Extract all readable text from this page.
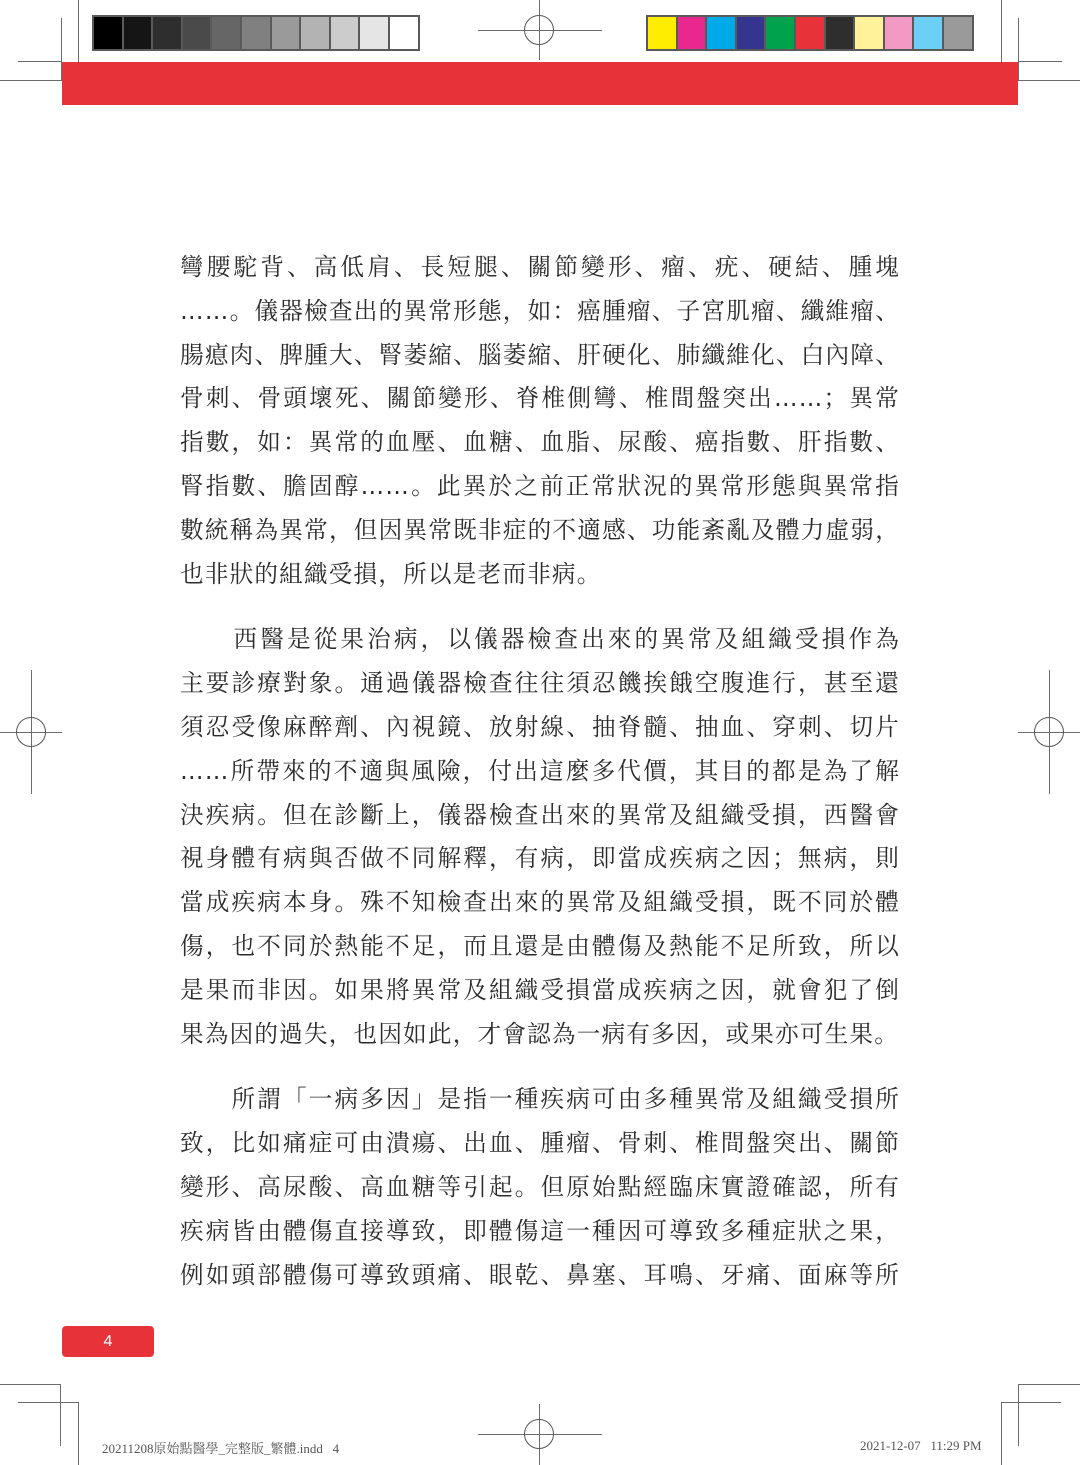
彎腰駝背、高低肩、長短腿、關節變形、瘤、疣、硬結、腫塊
……。儀器檢查出的異常形態，如：癌腫瘤、子宮肌瘤、纖維瘤、
腸瘜肉、脾腫大、腎萎縮、腦萎縮、肝硬化、肺纖維化、白內障、
骨刺、骨頭壞死、關節變形、脊椎側彎、椎間盤突出……；異常
指數，如：異常的血壓、血糖、血脂、尿酸、癌指數、肝指數、
腎指數、膽固醇……。此異於之前正常狀況的異常形態與異常指
數統稱為異常，但因異常既非症的不適感、功能紊亂及體力虛弱，
也非狀的組織受損，所以是老而非病。
　　西醫是從果治病，以儀器檢查出來的異常及組織受損作為
主要診療對象。通過儀器檢查往往須忍饑挨餓空腹進行，甚至還
須忍受像麻醉劑、內視鏡、放射線、抽脊髓、抽血、穿刺、切片
……所帶來的不適與風險，付出這麼多代價，其目的都是為了解
決疾病。但在診斷上，儀器檢查出來的異常及組織受損，西醫會
視身體有病與否做不同解釋，有病，即當成疾病之因；無病，則
當成疾病本身。殊不知檢查出來的異常及組織受損，既不同於體
傷，也不同於熱能不足，而且還是由體傷及熱能不足所致，所以
是果而非因。如果將異常及組織受損當成疾病之因，就會犯了倒
果為因的過失，也因如此，才會認為一病有多因，或果亦可生果。
　　所謂「一病多因」是指一種疾病可由多種異常及組織受損所
致，比如痛症可由潰瘍、出血、腫瘤、骨刺、椎間盤突出、關節
變形、高尿酸、高血糖等引起。但原始點經臨床實證確認，所有
疾病皆由體傷直接導致，即體傷這一種因可導致多種症狀之果，
例如頭部體傷可導致頭痛、眼乾、鼻塞、耳鳴、牙痛、面麻等所
4
20211208原始點醫學_完整版_繁體.indd   4	2021-12-07   11:29 PM
